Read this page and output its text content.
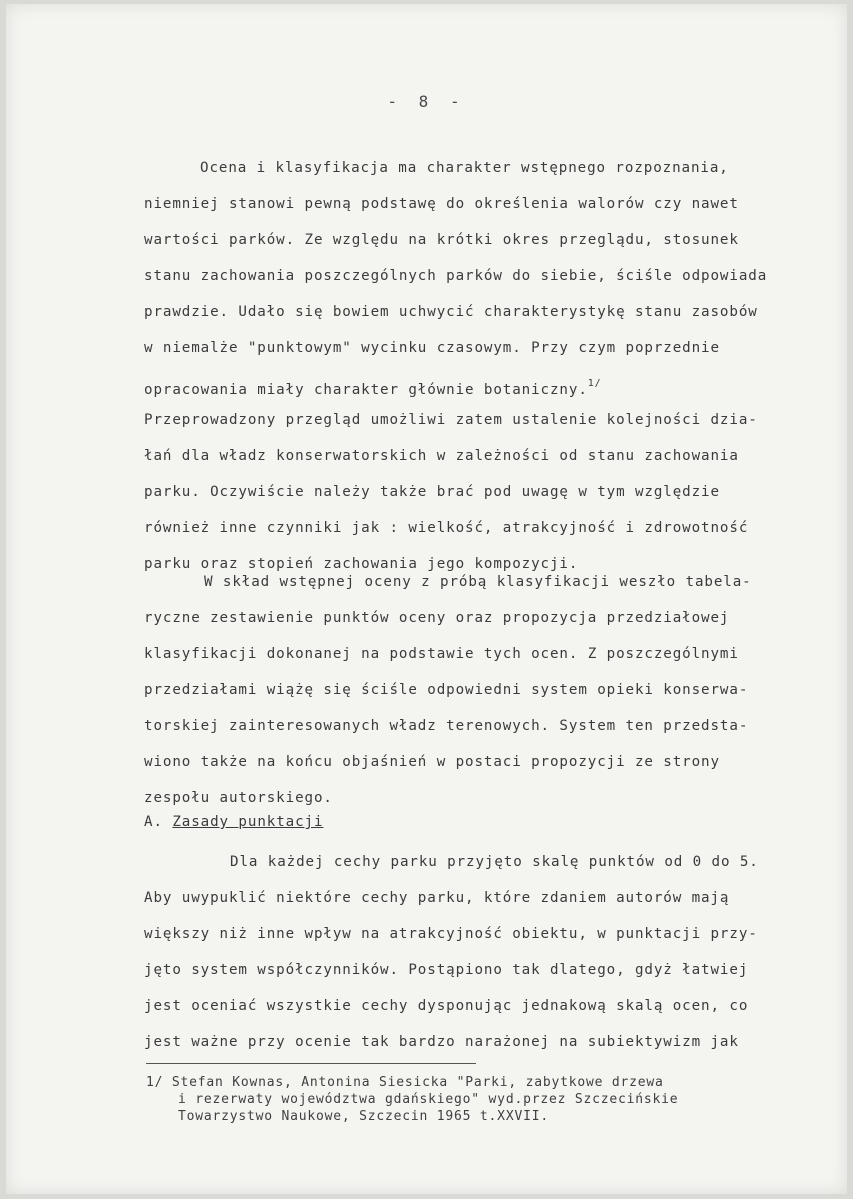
- 8 -
Ocena i klasyfikacja ma charakter wstępnego rozpoznania,
niemniej stanowi pewną podstawę do określenia walorów czy nawet
wartości parków. Ze względu na krótki okres przeglądu, stosunek
stanu zachowania poszczególnych parków do siebie, ściśle odpowiada
prawdzie. Udało się bowiem uchwycić charakterystykę stanu zasobów
w niemalże "punktowym" wycinku czasowym. Przy czym poprzednie
opracowania miały charakter głównie botaniczny.$^{1/}$
Przeprowadzony przegląd umożliwi zatem ustalenie kolejności dzia-
łań dla władz konserwatorskich w zależności od stanu zachowania
parku. Oczywiście należy także brać pod uwagę w tym względzie
również inne czynniki jak : wielkość, atrakcyjność i zdrowotność
parku oraz stopień zachowania jego kompozycji.
W skład wstępnej oceny z próbą klasyfikacji weszło tabela-
ryczne zestawienie punktów oceny oraz propozycja przedziałowej
klasyfikacji dokonanej na podstawie tych ocen. Z poszczególnymi
przedziałami wiążę się ściśle odpowiedni system opieki konserwa-
torskiej zainteresowanych władz terenowych. System ten przedsta-
wiono także na końcu objaśnień w postaci propozycji ze strony
zespołu autorskiego.
A. Zasady punktacji
Dla każdej cechy parku przyjęto skalę punktów od 0 do 5.
Aby uwypuklić niektóre cechy parku, które zdaniem autorów mają
większy niż inne wpływ na atrakcyjność obiektu, w punktacji przy-
jęto system współczynników. Postąpiono tak dlatego, gdyż łatwiej
jest oceniać wszystkie cechy dysponując jednakową skalą ocen, co
jest ważne przy ocenie tak bardzo narażonej na subiektywizm jak
1/ Stefan Kownas, Antonina Siesicka "Parki, zabytkowe drzewa
i rezerwaty województwa gdańskiego" wyd.przez Szczecińskie
Towarzystwo Naukowe, Szczecin 1965 t.XXVII.
